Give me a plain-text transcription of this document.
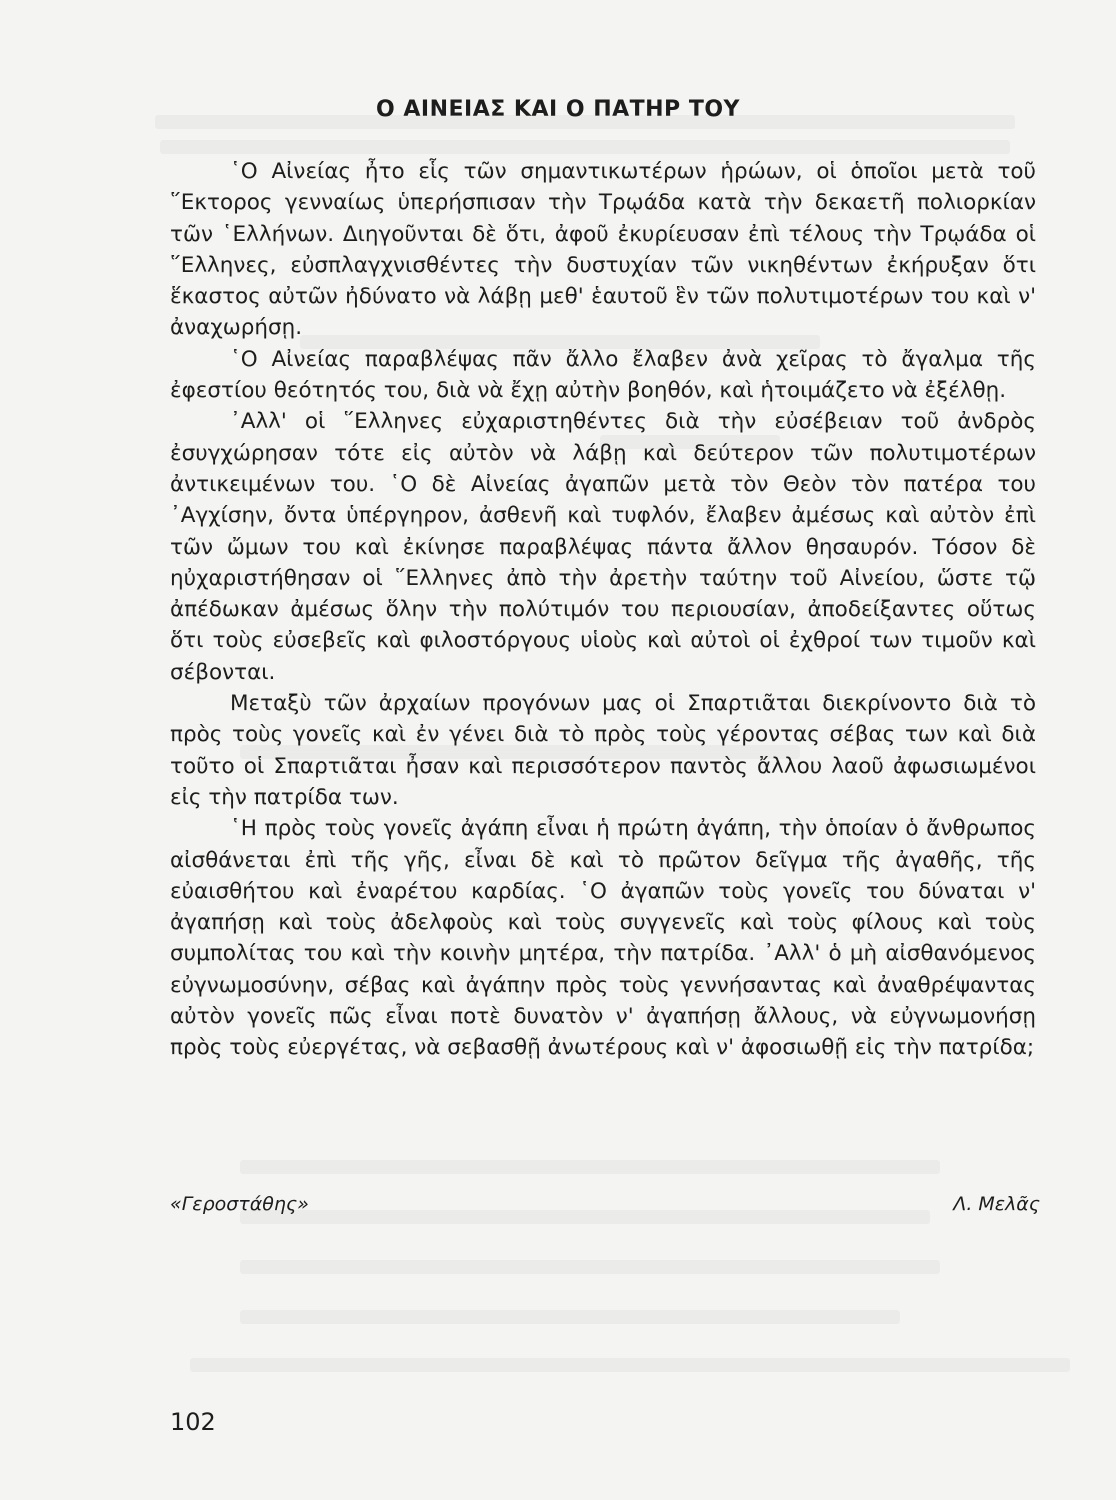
Ο ΑΙΝΕΙΑΣ ΚΑΙ Ο ΠΑΤΗΡ ΤΟΥ

῾Ο Αἰνείας ἦτο εἷς τῶν σημαντικωτέρων ἡρώων, οἱ ὁποῖοι μετὰ τοῦ ῞Εκτορος γενναίως ὑπερήσπισαν τὴν Τρῳάδα κατὰ τὴν δεκαετῆ πολιορκίαν τῶν ῾Ελλήνων. Διηγοῦνται δὲ ὅτι, ἀφοῦ ἐκυρίευσαν ἐπὶ τέλους τὴν Τρῳάδα οἱ ῞Ελληνες, εὐσπλαγχνισθέντες τὴν δυστυχίαν τῶν νικηθέντων ἐκήρυξαν ὅτι ἕκαστος αὐτῶν ἠδύνατο νὰ λάβῃ μεθ' ἑαυτοῦ ἓν τῶν πολυτιμοτέρων του καὶ ν' ἀναχωρήσῃ.

῾Ο Αἰνείας παραβλέψας πᾶν ἄλλο ἔλαβεν ἀνὰ χεῖρας τὸ ἄγαλμα τῆς ἐφεστίου θεότητός του, διὰ νὰ ἔχῃ αὐτὴν βοηθόν, καὶ ἡτοιμάζετο νὰ ἐξέλθῃ.

᾿Αλλ' οἱ ῞Ελληνες εὐχαριστηθέντες διὰ τὴν εὐσέβειαν τοῦ ἀνδρὸς ἐσυγχώρησαν τότε εἰς αὐτὸν νὰ λάβῃ καὶ δεύτερον τῶν πολυτιμοτέρων ἀντικειμένων του. ῾Ο δὲ Αἰνείας ἀγαπῶν μετὰ τὸν Θεὸν τὸν πατέρα του ᾿Αγχίσην, ὄντα ὑπέργηρον, ἀσθενῆ καὶ τυφλόν, ἔλαβεν ἀμέσως καὶ αὐτὸν ἐπὶ τῶν ὤμων του καὶ ἐκίνησε παραβλέψας πάντα ἄλλον θησαυρόν. Τόσον δὲ ηὐχαριστήθησαν οἱ ῞Ελληνες ἀπὸ τὴν ἀρετὴν ταύτην τοῦ Αἰνείου, ὥστε τῷ ἀπέδωκαν ἀμέσως ὅλην τὴν πολύτιμόν του περιουσίαν, ἀποδείξαντες οὕτως ὅτι τοὺς εὐσεβεῖς καὶ φιλοστόργους υἱοὺς καὶ αὐτοὶ οἱ ἐχθροί των τιμοῦν καὶ σέβονται.

Μεταξὺ τῶν ἀρχαίων προγόνων μας οἱ Σπαρτιᾶται διεκρίνοντο διὰ τὸ πρὸς τοὺς γονεῖς καὶ ἐν γένει διὰ τὸ πρὸς τοὺς γέροντας σέβας των καὶ διὰ τοῦτο οἱ Σπαρτιᾶται ἦσαν καὶ περισσότερον παντὸς ἄλλου λαοῦ ἀφωσιωμένοι εἰς τὴν πατρίδα των.

῾Η πρὸς τοὺς γονεῖς ἀγάπη εἶναι ἡ πρώτη ἀγάπη, τὴν ὁποίαν ὁ ἄνθρωπος αἰσθάνεται ἐπὶ τῆς γῆς, εἶναι δὲ καὶ τὸ πρῶτον δεῖγμα τῆς ἀγαθῆς, τῆς εὐαισθήτου καὶ ἐναρέτου καρδίας. ῾Ο ἀγαπῶν τοὺς γονεῖς του δύναται ν' ἀγαπήσῃ καὶ τοὺς ἀδελφοὺς καὶ τοὺς συγγενεῖς καὶ τοὺς φίλους καὶ τοὺς συμπολίτας του καὶ τὴν κοινὴν μητέρα, τὴν πατρίδα. ᾿Αλλ' ὁ μὴ αἰσθανόμενος εὐγνωμοσύνην, σέβας καὶ ἀγάπην πρὸς τοὺς γεννήσαντας καὶ ἀναθρέψαντας αὐτὸν γονεῖς πῶς εἶναι ποτὲ δυνατὸν ν' ἀγαπήσῃ ἄλλους, νὰ εὐγνωμονήσῃ πρὸς τοὺς εὐεργέτας, νὰ σεβασθῇ ἀνωτέρους καὶ ν' ἀφοσιωθῇ εἰς τὴν πατρίδα;

«Γεροστάθης»	Λ. Μελᾶς
102
